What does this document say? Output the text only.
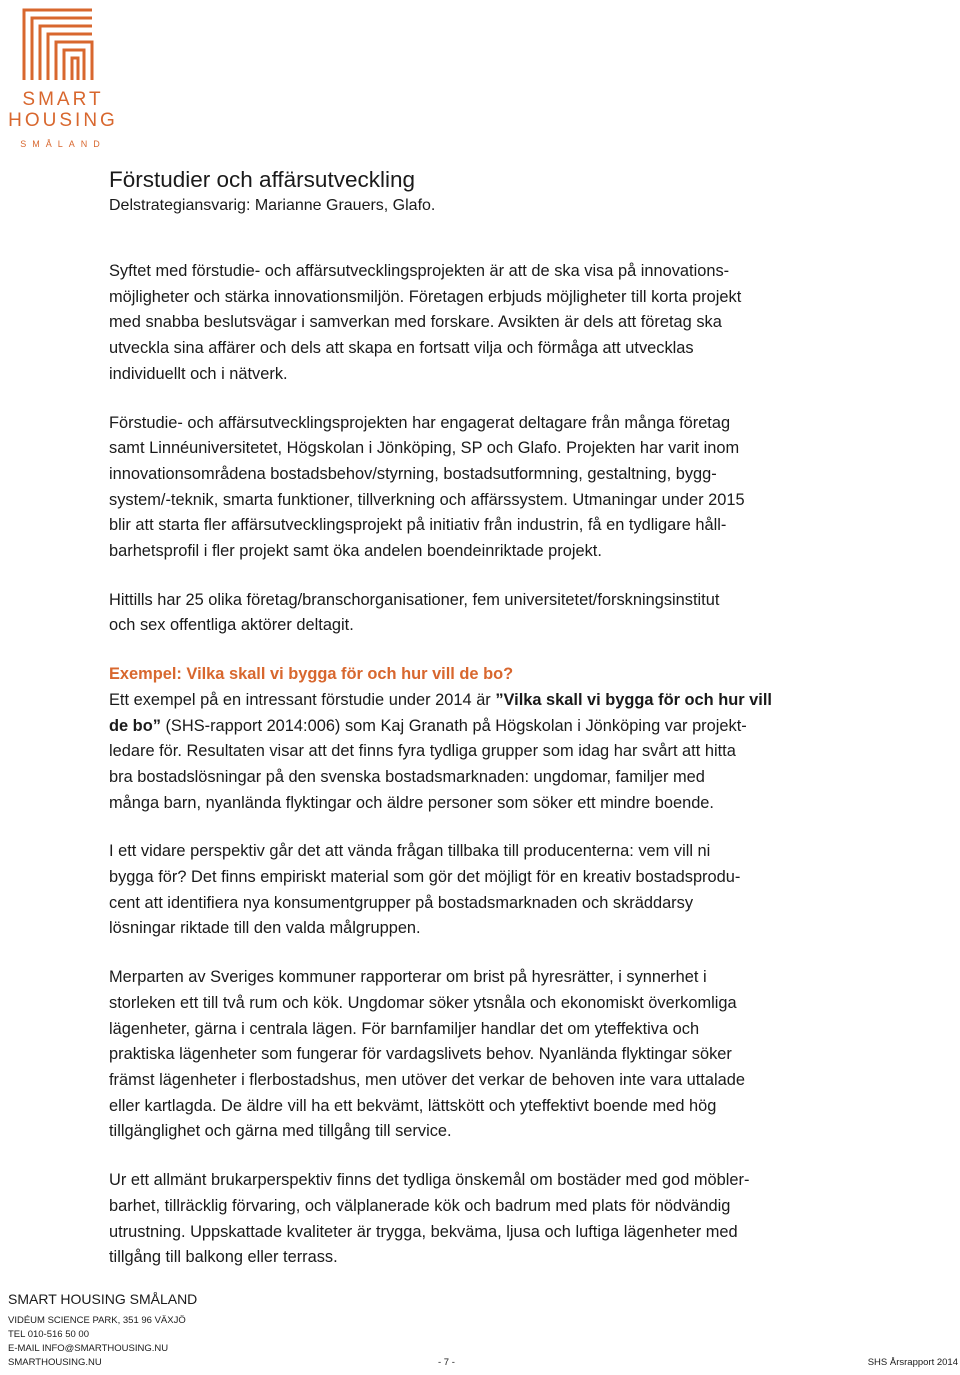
SMART
HOUSING
SMÅLAND
Förstudier och affärsutveckling

Delstrategiansvarig: Marianne Grauers, Glafo.

Syftet med förstudie- och affärsutvecklingsprojekten är att de ska visa på innovations-
möjligheter och stärka innovationsmiljön. Företagen erbjuds möjligheter till korta projekt
med snabba beslutsvägar i samverkan med forskare. Avsikten är dels att företag ska
utveckla sina affärer och dels att skapa en fortsatt vilja och förmåga att utvecklas
individuellt och i nätverk.

Förstudie- och affärsutvecklingsprojekten har engagerat deltagare från många företag
samt Linnéuniversitetet, Högskolan i Jönköping, SP och Glafo. Projekten har varit inom
innovationsområdena bostadsbehov/styrning, bostadsutformning, gestaltning, bygg-
system/-teknik, smarta funktioner, tillverkning och affärssystem. Utmaningar under 2015
blir att starta fler affärsutvecklingsprojekt på initiativ från industrin, få en tydligare håll-
barhetsprofil i fler projekt samt öka andelen boendeinriktade projekt.

Hittills har 25 olika företag/branschorganisationer, fem universitetet/forskningsinstitut
och sex offentliga aktörer deltagit.

Exempel: Vilka skall vi bygga för och hur vill de bo?

Ett exempel på en intressant förstudie under 2014 är ”Vilka skall vi bygga för och hur vill
de bo” (SHS-rapport 2014:006) som Kaj Granath på Högskolan i Jönköping var projekt-
ledare för. Resultaten visar att det finns fyra tydliga grupper som idag har svårt att hitta
bra bostadslösningar på den svenska bostadsmarknaden: ungdomar, familjer med
många barn, nyanlända flyktingar och äldre personer som söker ett mindre boende.

I ett vidare perspektiv går det att vända frågan tillbaka till producenterna: vem vill ni
bygga för? Det finns empiriskt material som gör det möjligt för en kreativ bostadsprodu-
cent att identifiera nya konsumentgrupper på bostadsmarknaden och skräddarsy
lösningar riktade till den valda målgruppen.

Merparten av Sveriges kommuner rapporterar om brist på hyresrätter, i synnerhet i
storleken ett till två rum och kök. Ungdomar söker ytsnåla och ekonomiskt överkomliga
lägenheter, gärna i centrala lägen. För barnfamiljer handlar det om yteffektiva och
praktiska lägenheter som fungerar för vardagslivets behov. Nyanlända flyktingar söker
främst lägenheter i flerbostadshus, men utöver det verkar de behoven inte vara uttalade
eller kartlagda. De äldre vill ha ett bekvämt, lättskött och yteffektivt boende med hög
tillgänglighet och gärna med tillgång till service.

Ur ett allmänt brukarperspektiv finns det tydliga önskemål om bostäder med god möbler-
barhet, tillräcklig förvaring, och välplanerade kök och badrum med plats för nödvändig
utrustning. Uppskattade kvaliteter är trygga, bekväma, ljusa och luftiga lägenheter med
tillgång till balkong eller terrass.

SMART HOUSING SMÅLAND
VIDÉUM SCIENCE PARK, 351 96 VÄXJÖ
TEL 010-516 50 00
E-MAIL INFO@SMARTHOUSING.NU
SMARTHOUSING.NU	- 7 -	SHS Årsrapport 2014
